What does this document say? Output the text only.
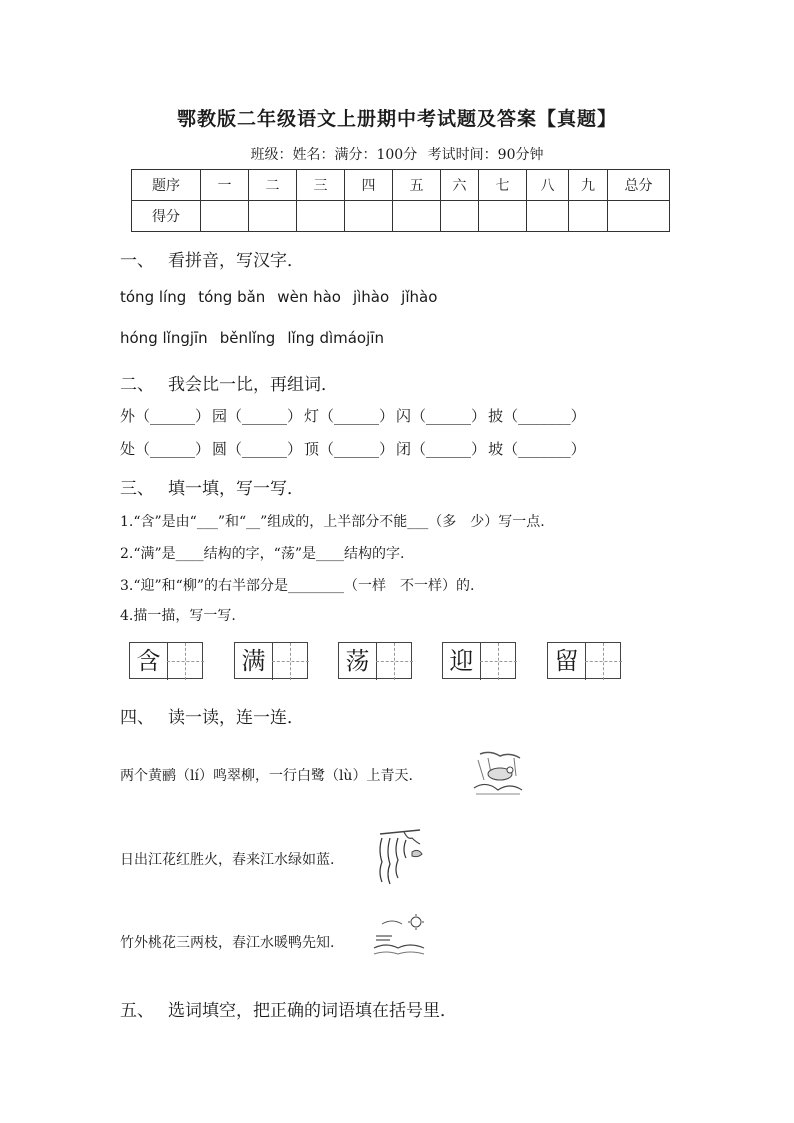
鄂教版二年级语文上册期中考试题及答案【真题】
班级：姓名：满分：100分 考试时间：90分钟
题序	一	二	三	四	五	六	七	八	九	总分
得分										
一、 看拼音，写汉字．
tóng líng tóng bǎn wèn hào jìhào jǐhào
hóng lǐngjīn běnlǐng lǐng dìmáojīn
二、 我会比一比，再组词．
外（______） 园（______） 灯（______） 闪（______） 披（_______）
处（______） 圆（______） 顶（______） 闭（______） 坡（_______）
三、 填一填，写一写．
1.“含”是由“___”和“__”组成的，上半部分不能___（多　少）写一点.
2.“满”是____结构的字，“荡”是____结构的字.
3.“迎”和“柳”的右半部分是________（一样　不一样）的.
4.描一描，写一写.
含	满	荡	迎	留
四、 读一读，连一连．
两个黄鹂（lí）鸣翠柳，一行白鹭（lù）上青天.
日出江花红胜火，春来江水绿如蓝.
竹外桃花三两枝，春江水暖鸭先知.
五、 选词填空，把正确的词语填在括号里．
